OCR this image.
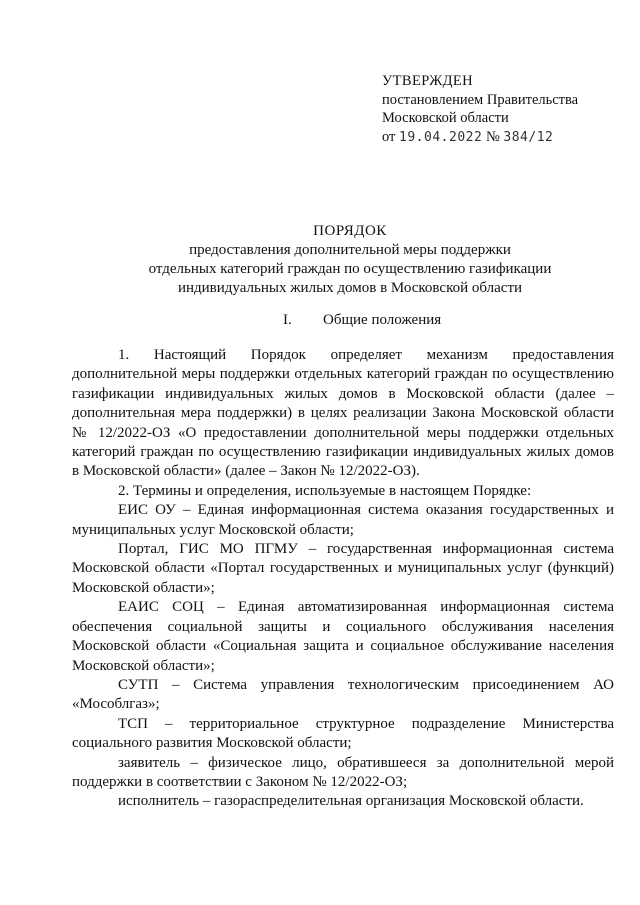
УТВЕРЖДЕН
постановлением Правительства
Московской области
от 19.04.2022 № 384/12
ПОРЯДОК
предоставления дополнительной меры поддержки
отдельных категорий граждан по осуществлению газификации
индивидуальных жилых домов в Московской области
I. Общие положения

1. Настоящий Порядок определяет механизм предоставления дополнительной меры поддержки отдельных категорий граждан по осуществлению газификации индивидуальных жилых домов в Московской области (далее – дополнительная мера поддержки) в целях реализации Закона Московской области № 12/2022-ОЗ «О предоставлении дополнительной меры поддержки отдельных категорий граждан по осуществлению газификации индивидуальных жилых домов в Московской области» (далее – Закон № 12/2022-ОЗ).

2. Термины и определения, используемые в настоящем Порядке:

ЕИС ОУ – Единая информационная система оказания государственных и муниципальных услуг Московской области;

Портал, ГИС МО ПГМУ – государственная информационная система Московской области «Портал государственных и муниципальных услуг (функций) Московской области»;

ЕАИС СОЦ – Единая автоматизированная информационная система обеспечения социальной защиты и социального обслуживания населения Московской области «Социальная защита и социальное обслуживание населения Московской области»;

СУТП – Система управления технологическим присоединением АО «Мособлгаз»;

ТСП – территориальное структурное подразделение Министерства социального развития Московской области;

заявитель – физическое лицо, обратившееся за дополнительной мерой поддержки в соответствии с Законом № 12/2022-ОЗ;

исполнитель – газораспределительная организация Московской области.
